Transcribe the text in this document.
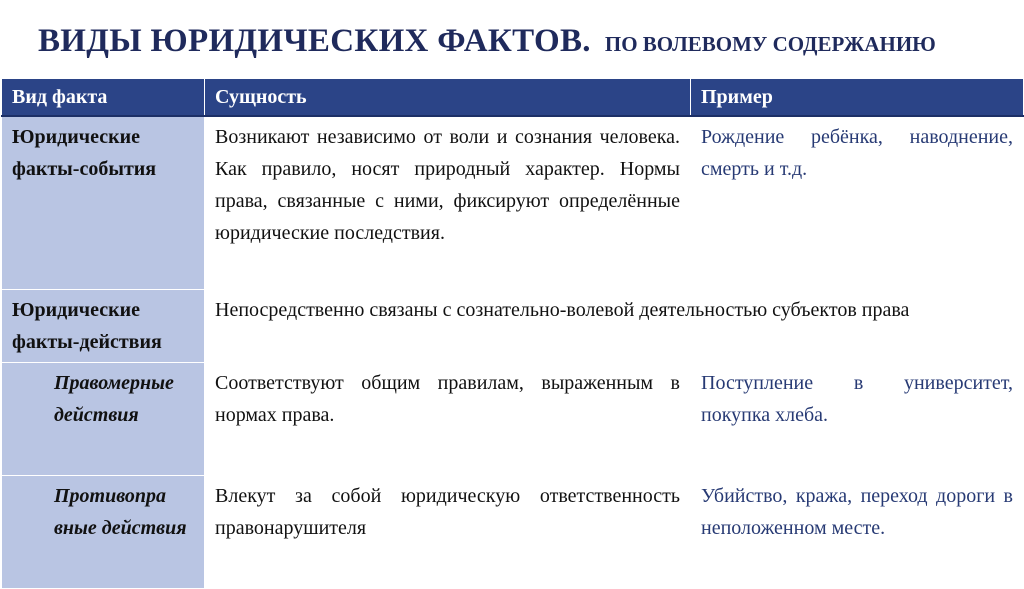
ВИДЫ ЮРИДИЧЕСКИХ ФАКТОВ. ПО ВОЛЕВОМУ СОДЕРЖАНИЮ
Вид факта	Сущность	Пример
Юридические факты-события	Возникают независимо от воли и сознания человека. Как правило, носят природный характер. Нормы права, связанные с ними, фиксируют определённые юридические последствия.	Рождение ребёнка, наводнение, смерть и т.д.
Юридические факты-действия	Непосредственно связаны с сознательно-волевой деятельностью субъектов права	
Правомерные действия	Соответствуют общим правилам, выраженным в нормах права.	Поступление в университет, покупка хлеба.
Противопра вные действия	Влекут за собой юридическую ответственность правонарушителя	Убийство, кража, переход дороги в неположенном месте.
